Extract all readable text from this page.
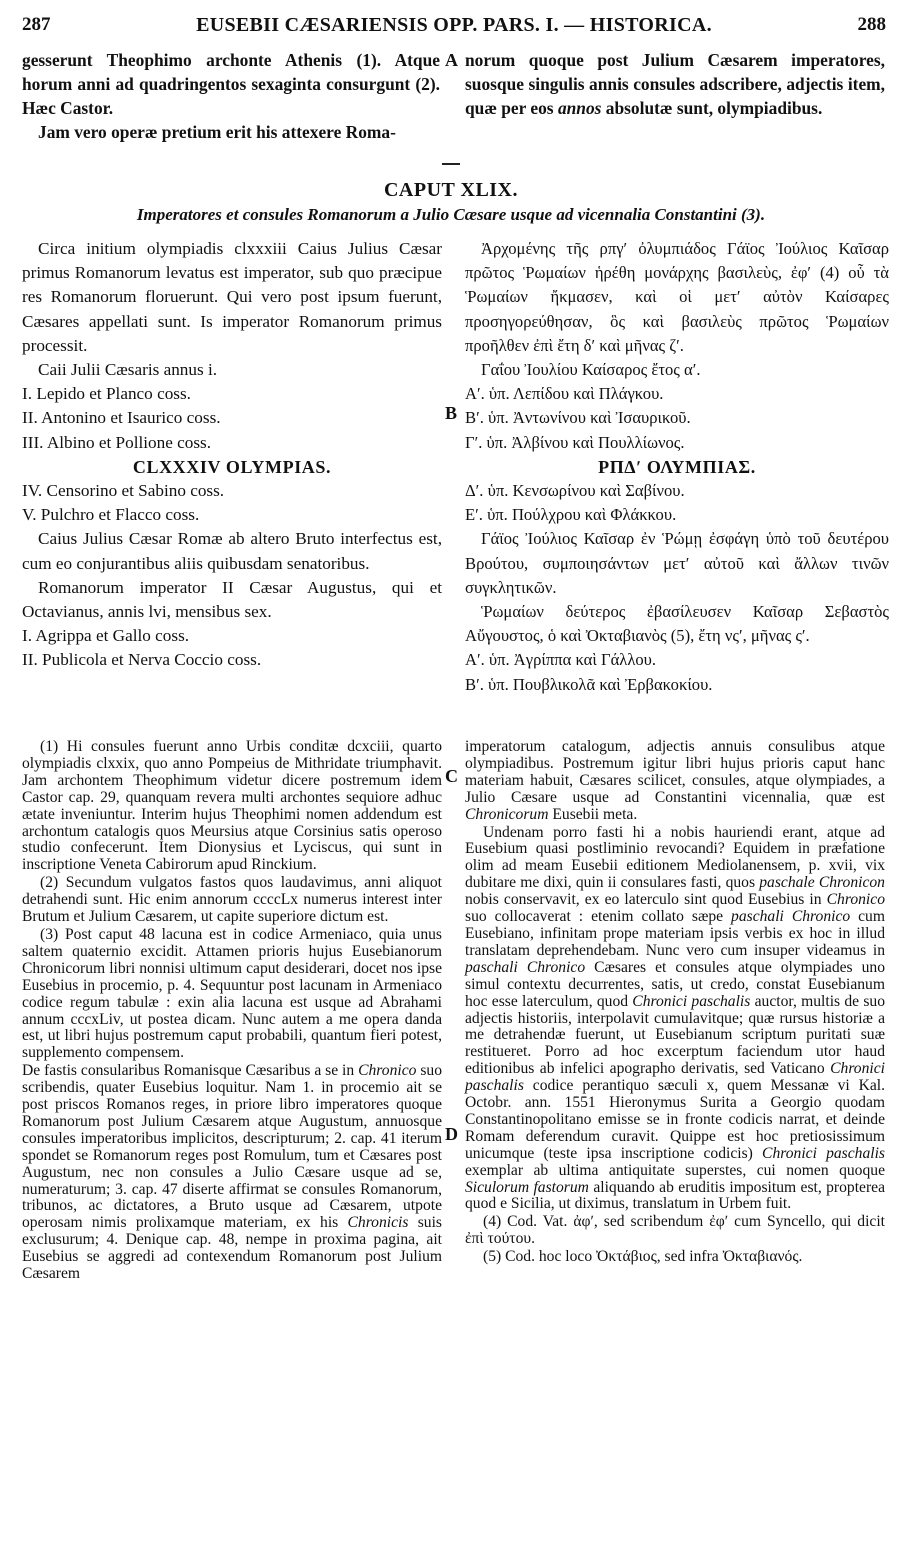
287	EUSEBII CÆSARIENSIS OPP. PARS. I. — HISTORICA.	288

gesserunt Theophimo archonte Athenis (1). Atque horum anni ad quadringentos sexaginta consurgunt (2). Hæc Castor.

Jam vero operæ pretium erit his attexere Roma-

norum quoque post Julium Cæsarem imperatores, suosque singulis annis consules adscribere, adjectis item, quæ per eos annos absolutæ sunt, olympiadibus.

A
CAPUT XLIX.
Imperatores et consules Romanorum a Julio Cæsare usque ad vicennalia Constantini (3).

Circa initium olympiadis clxxxiii Caius Julius Cæsar primus Romanorum levatus est imperator, sub quo præcipue res Romanorum floruerunt. Qui vero post ipsum fuerunt, Cæsares appellati sunt. Is imperator Romanorum primus processit.

Caii Julii Cæsaris annus i.

I. Lepido et Planco coss.

II. Antonino et Isaurico coss.

III. Albino et Pollione coss.

CLXXXIV OLYMPIAS.

IV. Censorino et Sabino coss.

V. Pulchro et Flacco coss.

Caius Julius Cæsar Romæ ab altero Bruto interfectus est, cum eo conjurantibus aliis quibusdam senatoribus.

Romanorum imperator II Cæsar Augustus, qui et Octavianus, annis lvi, mensibus sex.

I. Agrippa et Gallo coss.

II. Publicola et Nerva Coccio coss.

B

Ἀρχομένης τῆς ρπγʹ ὀλυμπιάδος Γάϊος Ἰούλιος Καῖσαρ πρῶτος Ῥωμαίων ἡρέθη μονάρχης βασιλεὺς, ἐφʹ (4) οὗ τὰ Ῥωμαίων ἤκμασεν, καὶ οἱ μετʹ αὐτὸν Καίσαρες προσηγορεύθησαν, ὃς καὶ βασιλεὺς πρῶτος Ῥωμαίων προῆλθεν ἐπὶ ἔτη δʹ καὶ μῆνας ζʹ.

Γαΐου Ἰουλίου Καίσαρος ἔτος αʹ.

Αʹ. ὑπ. Λεπίδου καὶ Πλάγκου.

Βʹ. ὑπ. Ἀντωνίνου καὶ Ἰσαυρικοῦ.

Γʹ. ὑπ. Ἀλβίνου καὶ Πουλλίωνος.

ΡΠΔʹ ΟΛΥΜΠΙΑΣ.

Δʹ. ὑπ. Κενσωρίνου καὶ Σαβίνου.

Εʹ. ὑπ. Πούλχρου καὶ Φλάκκου.

Γάϊος Ἰούλιος Καῖσαρ ἐν Ῥώμῃ ἐσφάγη ὑπὸ τοῦ δευτέρου Βρούτου, συμποιησάντων μετʹ αὐτοῦ καὶ ἄλλων τινῶν συγκλητικῶν.

Ῥωμαίων δεύτερος ἐβασίλευσεν Καῖσαρ Σεβαστὸς Αὔγουστος, ὁ καὶ Ὀκταβιανὸς (5), ἔτη νςʹ, μῆνας ςʹ.

Αʹ. ὑπ. Ἀγρίππα καὶ Γάλλου.

Βʹ. ὑπ. Πουβλικολᾶ καὶ Ἐρβακοκίου.

(1) Hi consules fuerunt anno Urbis conditæ dcxciii, quarto olympiadis clxxix, quo anno Pompeius de Mithridate triumphavit. Jam archontem Theophimum videtur dicere postremum idem Castor cap. 29, quanquam revera multi archontes sequiore adhuc ætate inveniuntur. Interim hujus Theophimi nomen addendum est archontum catalogis quos Meursius atque Corsinius satis operoso studio confecerunt. Item Dionysius et Lyciscus, qui sunt in inscriptione Veneta Cabirorum apud Rinckium.

(2) Secundum vulgatos fastos quos laudavimus, anni aliquot detrahendi sunt. Hic enim annorum ccccLx numerus interest inter Brutum et Julium Cæsarem, ut capite superiore dictum est.

(3) Post caput 48 lacuna est in codice Armeniaco, quia unus saltem quaternio excidit. Attamen prioris hujus Eusebianorum Chronicorum libri nonnisi ultimum caput desiderari, docet nos ipse Eusebius in procemio, p. 4. Sequuntur post lacunam in Armeniaco codice regum tabulæ : exin alia lacuna est usque ad Abrahami annum cccxLiv, ut postea dicam. Nunc autem a me opera danda est, ut libri hujus postremum caput probabili, quantum fieri potest, supplemento compensem.

De fastis consularibus Romanisque Cæsaribus a se in Chronico suo scribendis, quater Eusebius loquitur. Nam 1. in procemio ait se post priscos Romanos reges, in priore libro imperatores quoque Romanorum post Julium Cæsarem atque Augustum, annuosque consules imperatoribus implicitos, descripturum; 2. cap. 41 iterum spondet se Romanorum reges post Romulum, tum et Cæsares post Augustum, nec non consules a Julio Cæsare usque ad se, numeraturum; 3. cap. 47 diserte affirmat se consules Romanorum, tribunos, ac dictatores, a Bruto usque ad Cæsarem, utpote operosam nimis prolixamque materiam, ex his Chronicis suis exclusurum; 4. Denique cap. 48, nempe in proxima pagina, ait Eusebius se aggredi ad contexendum Romanorum post Julium Cæsarem

C
D

imperatorum catalogum, adjectis annuis consulibus atque olympiadibus. Postremum igitur libri hujus prioris caput hanc materiam habuit, Cæsares scilicet, consules, atque olympiades, a Julio Cæsare usque ad Constantini vicennalia, quæ est Chronicorum Eusebii meta.

Undenam porro fasti hi a nobis hauriendi erant, atque ad Eusebium quasi postliminio revocandi? Equidem in præfatione olim ad meam Eusebii editionem Mediolanensem, p. xvii, vix dubitare me dixi, quin ii consulares fasti, quos paschale Chronicon nobis conservavit, ex eo laterculo sint quod Eusebius in Chronico suo collocaverat : etenim collato sæpe paschali Chronico cum Eusebiano, infinitam prope materiam ipsis verbis ex hoc in illud translatam deprehendebam. Nunc vero cum insuper videamus in paschali Chronico Cæsares et consules atque olympiades uno simul contextu decurrentes, satis, ut credo, constat Eusebianum hoc esse laterculum, quod Chronici paschalis auctor, multis de suo adjectis historiis, interpolavit cumulavitque; quæ rursus historiæ a me detrahendæ fuerunt, ut Eusebianum scriptum puritati suæ restitueret. Porro ad hoc excerptum faciendum utor haud editionibus ab infelici apographo derivatis, sed Vaticano Chronici paschalis codice perantiquo sæculi x, quem Messanæ vi Kal. Octobr. ann. 1551 Hieronymus Surita a Georgio quodam Constantinopolitano emisse se in fronte codicis narrat, et deinde Romam deferendum curavit. Quippe est hoc pretiosissimum unicumque (teste ipsa inscriptione codicis) Chronici paschalis exemplar ab ultima antiquitate superstes, cui nomen quoque Siculorum fastorum aliquando ab eruditis impositum est, propterea quod e Sicilia, ut diximus, translatum in Urbem fuit.

(4) Cod. Vat. ἀφʹ, sed scribendum ἐφʹ cum Syncello, qui dicit ἐπὶ τούτου.

(5) Cod. hoc loco Ὀκτάβιος, sed infra Ὀκταβιανός.
